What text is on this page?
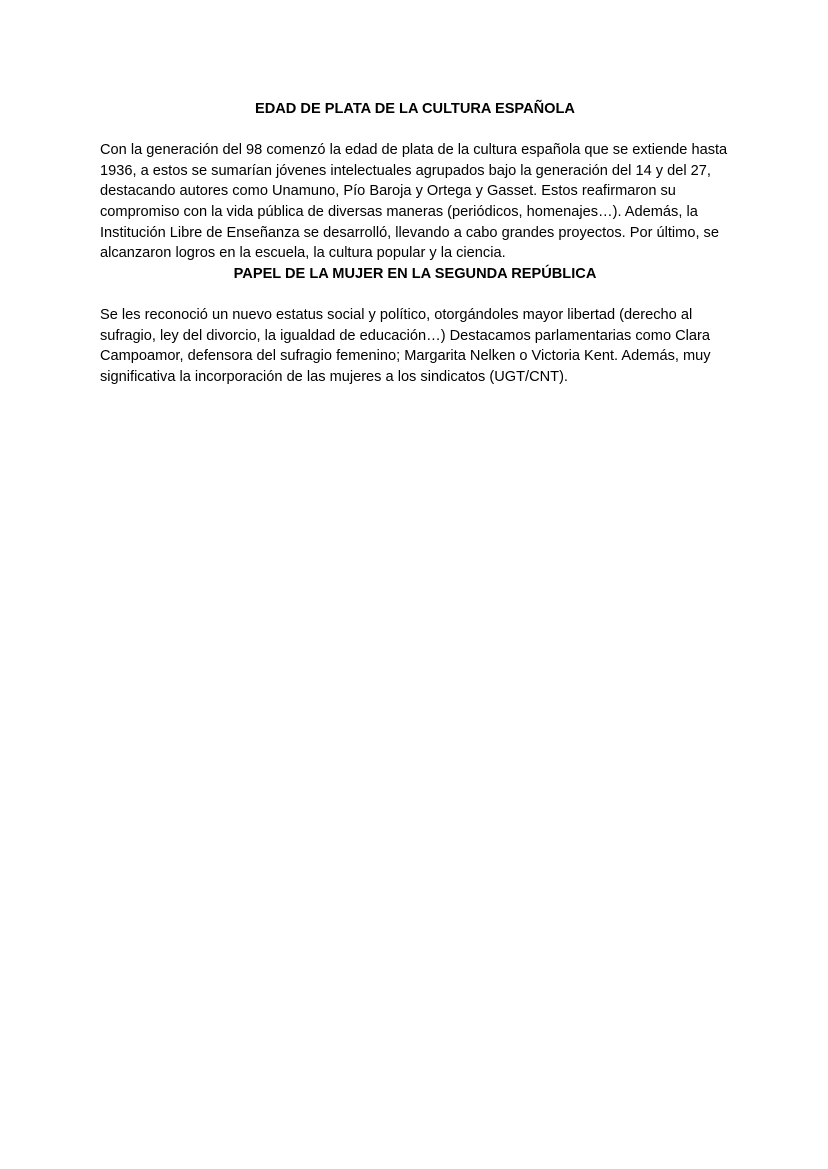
EDAD DE PLATA DE LA CULTURA ESPAÑOLA

Con la generación del 98 comenzó la edad de plata de la cultura española que se extiende hasta 1936, a estos se sumarían jóvenes intelectuales agrupados bajo la generación del 14 y del 27, destacando autores como Unamuno, Pío Baroja y Ortega y Gasset. Estos reafirmaron su compromiso con la vida pública de diversas maneras (periódicos, homenajes…). Además, la Institución Libre de Enseñanza se desarrolló, llevando a cabo grandes proyectos. Por último, se alcanzaron logros en la escuela, la cultura popular y la ciencia.

PAPEL DE LA MUJER EN LA SEGUNDA REPÚBLICA

Se les reconoció un nuevo estatus social y político, otorgándoles mayor libertad (derecho al sufragio, ley del divorcio, la igualdad de educación…) Destacamos parlamentarias como Clara Campoamor, defensora del sufragio femenino; Margarita Nelken o Victoria Kent. Además, muy significativa la incorporación de las mujeres a los sindicatos (UGT/CNT).
